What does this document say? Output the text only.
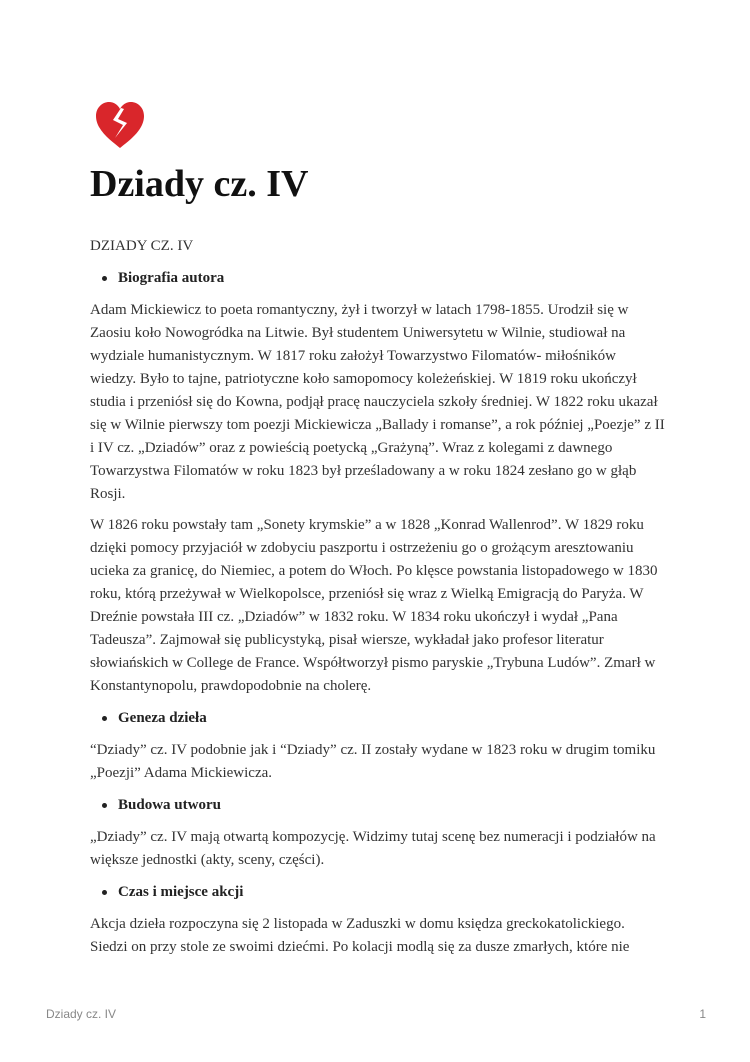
Dziady cz. IV

DZIADY CZ. IV

Biografia autora

Adam Mickiewicz to poeta romantyczny, żył i tworzył w latach 1798-1855. Urodził się w Zaosiu koło Nowogródka na Litwie. Był studentem Uniwersytetu w Wilnie, studiował na wydziale humanistycznym. W 1817 roku założył Towarzystwo Filomatów- miłośników wiedzy. Było to tajne, patriotyczne koło samopomocy koleżeńskiej. W 1819 roku ukończył studia i przeniósł się do Kowna, podjął pracę nauczyciela szkoły średniej. W 1822 roku ukazał się w Wilnie pierwszy tom poezji Mickiewicza „Ballady i romanse”, a rok później „Poezje” z II i IV cz. „Dziadów” oraz z powieścią poetycką „Grażyną”. Wraz z kolegami z dawnego Towarzystwa Filomatów w roku 1823 był prześladowany a w roku 1824 zesłano go w głąb Rosji.

W 1826 roku powstały tam „Sonety krymskie” a w 1828 „Konrad Wallenrod”. W 1829 roku dzięki pomocy przyjaciół w zdobyciu paszportu i ostrzeżeniu go o grożącym aresztowaniu ucieka za granicę, do Niemiec, a potem do Włoch. Po klęsce powstania listopadowego w 1830 roku, którą przeżywał w Wielkopolsce, przeniósł się wraz z Wielką Emigracją do Paryża. W Dreźnie powstała III cz. „Dziadów” w 1832 roku. W 1834 roku ukończył i wydał „Pana Tadeusza”. Zajmował się publicystyką, pisał wiersze, wykładał jako profesor literatur słowiańskich w College de France. Współtworzył pismo paryskie „Trybuna Ludów”. Zmarł w Konstantynopolu, prawdopodobnie na cholerę.

Geneza dzieła

“Dziady” cz. IV podobnie jak i “Dziady” cz. II zostały wydane w 1823 roku w drugim tomiku „Poezji” Adama Mickiewicza.

Budowa utworu

„Dziady” cz. IV mają otwartą kompozycję. Widzimy tutaj scenę bez numeracji i podziałów na większe jednostki (akty, sceny, części).

Czas i miejsce akcji

Akcja dzieła rozpoczyna się 2 listopada w Zaduszki w domu księdza greckokatolickiego. Siedzi on przy stole ze swoimi dziećmi. Po kolacji modlą się za dusze zmarłych, które nie

Dziady cz. IV	1
